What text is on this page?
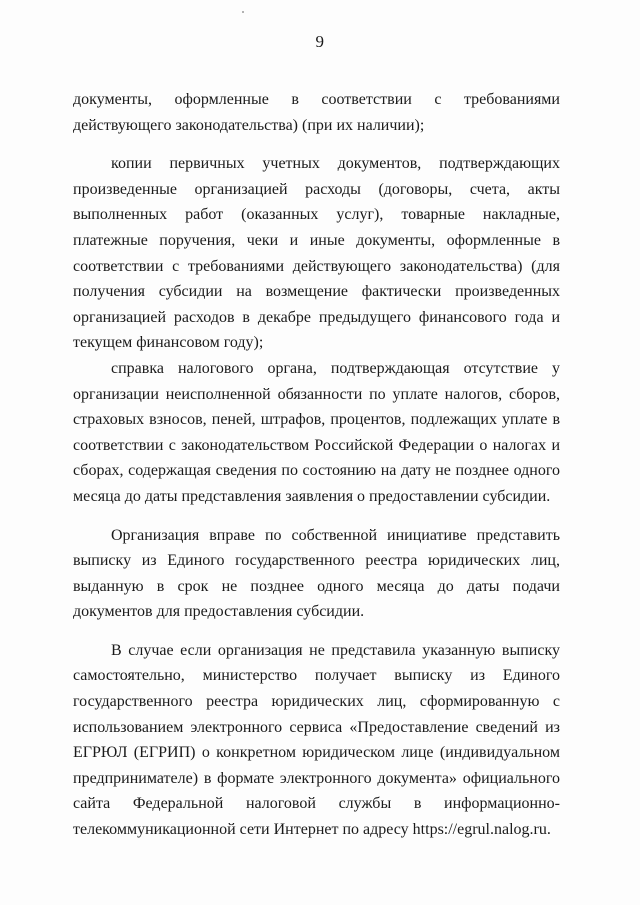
9

документы, оформленные в соответствии с требованиями действующего законодательства) (при их наличии);

копии первичных учетных документов, подтверждающих произведенные организацией расходы (договоры, счета, акты выполненных работ (оказанных услуг), товарные накладные, платежные поручения, чеки и иные документы, оформленные в соответствии с требованиями действующего законодательства) (для получения субсидии на возмещение фактически произведенных организацией расходов в декабре предыдущего финансового года и текущем финансовом году);

справка налогового органа, подтверждающая отсутствие у организации неисполненной обязанности по уплате налогов, сборов, страховых взносов, пеней, штрафов, процентов, подлежащих уплате в соответствии с законодательством Российской Федерации о налогах и сборах, содержащая сведения по состоянию на дату не позднее одного месяца до даты представления заявления о предоставлении субсидии.

Организация вправе по собственной инициативе представить выписку из Единого государственного реестра юридических лиц, выданную в срок не позднее одного месяца до даты подачи документов для предоставления субсидии.

В случае если организация не представила указанную выписку самостоятельно, министерство получает выписку из Единого государственного реестра юридических лиц, сформированную с использованием электронного сервиса «Предоставление сведений из ЕГРЮЛ (ЕГРИП) о конкретном юридическом лице (индивидуальном предпринимателе) в формате электронного документа» официального сайта Федеральной налоговой службы в информационно-телекоммуникационной сети Интернет по адресу https://egrul.nalog.ru.
